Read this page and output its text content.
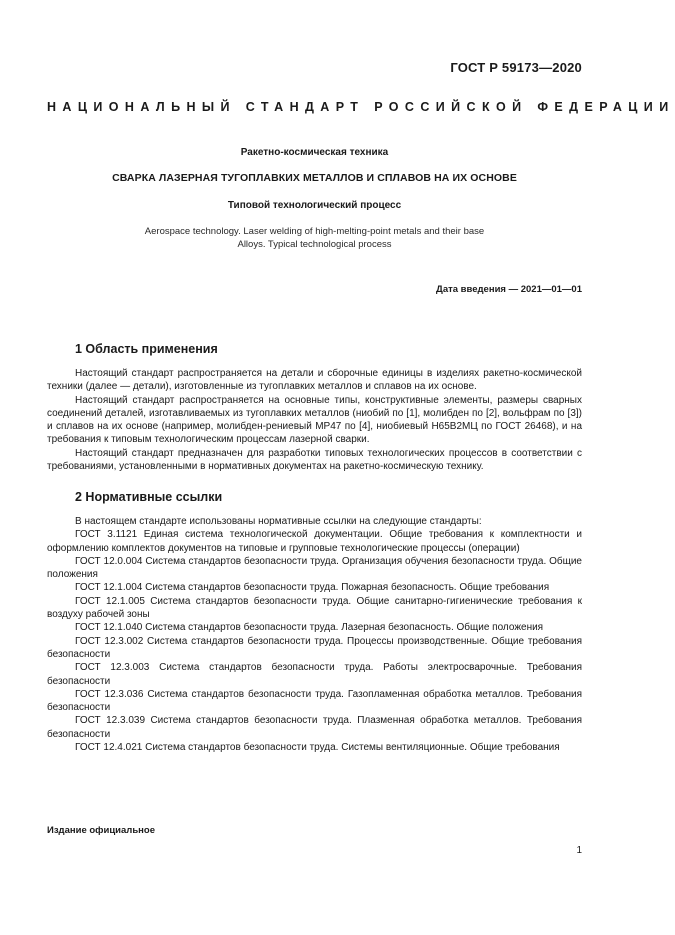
ГОСТ Р 59173—2020
НАЦИОНАЛЬНЫЙ СТАНДАРТ РОССИЙСКОЙ ФЕДЕРАЦИИ
Ракетно-космическая техника
СВАРКА ЛАЗЕРНАЯ ТУГОПЛАВКИХ МЕТАЛЛОВ И СПЛАВОВ НА ИХ ОСНОВЕ
Типовой технологический процесс
Aerospace technology. Laser welding of high-melting-point metals and their base
Alloys. Typical technological process
Дата введения — 2021—01—01
1 Область применения

Настоящий стандарт распространяется на детали и сборочные единицы в изделиях ракетно-космической техники (далее — детали), изготовленные из тугоплавких металлов и сплавов на их основе.

Настоящий стандарт распространяется на основные типы, конструктивные элементы, размеры сварных соединений деталей, изготавливаемых из тугоплавких металлов (ниобий по [1], молибден по [2], вольфрам по [3]) и сплавов на их основе (например, молибден-рениевый МР47 по [4], ниобиевый Н65В2МЦ по ГОСТ 26468), и на требования к типовым технологическим процессам лазерной сварки.

Настоящий стандарт предназначен для разработки типовых технологических процессов в соответствии с требованиями, установленными в нормативных документах на ракетно-космическую технику.

2 Нормативные ссылки

В настоящем стандарте использованы нормативные ссылки на следующие стандарты:

ГОСТ 3.1121 Единая система технологической документации. Общие требования к комплектности и оформлению комплектов документов на типовые и групповые технологические процессы (операции)

ГОСТ 12.0.004 Система стандартов безопасности труда. Организация обучения безопасности труда. Общие положения

ГОСТ 12.1.004 Система стандартов безопасности труда. Пожарная безопасность. Общие требования

ГОСТ 12.1.005 Система стандартов безопасности труда. Общие санитарно-гигиенические требования к воздуху рабочей зоны

ГОСТ 12.1.040 Система стандартов безопасности труда. Лазерная безопасность. Общие положения

ГОСТ 12.3.002 Система стандартов безопасности труда. Процессы производственные. Общие требования безопасности

ГОСТ 12.3.003 Система стандартов безопасности труда. Работы электросварочные. Требования безопасности

ГОСТ 12.3.036 Система стандартов безопасности труда. Газопламенная обработка металлов. Требования безопасности

ГОСТ 12.3.039 Система стандартов безопасности труда. Плазменная обработка металлов. Требования безопасности

ГОСТ 12.4.021 Система стандартов безопасности труда. Системы вентиляционные. Общие требования

Издание официальное
1
